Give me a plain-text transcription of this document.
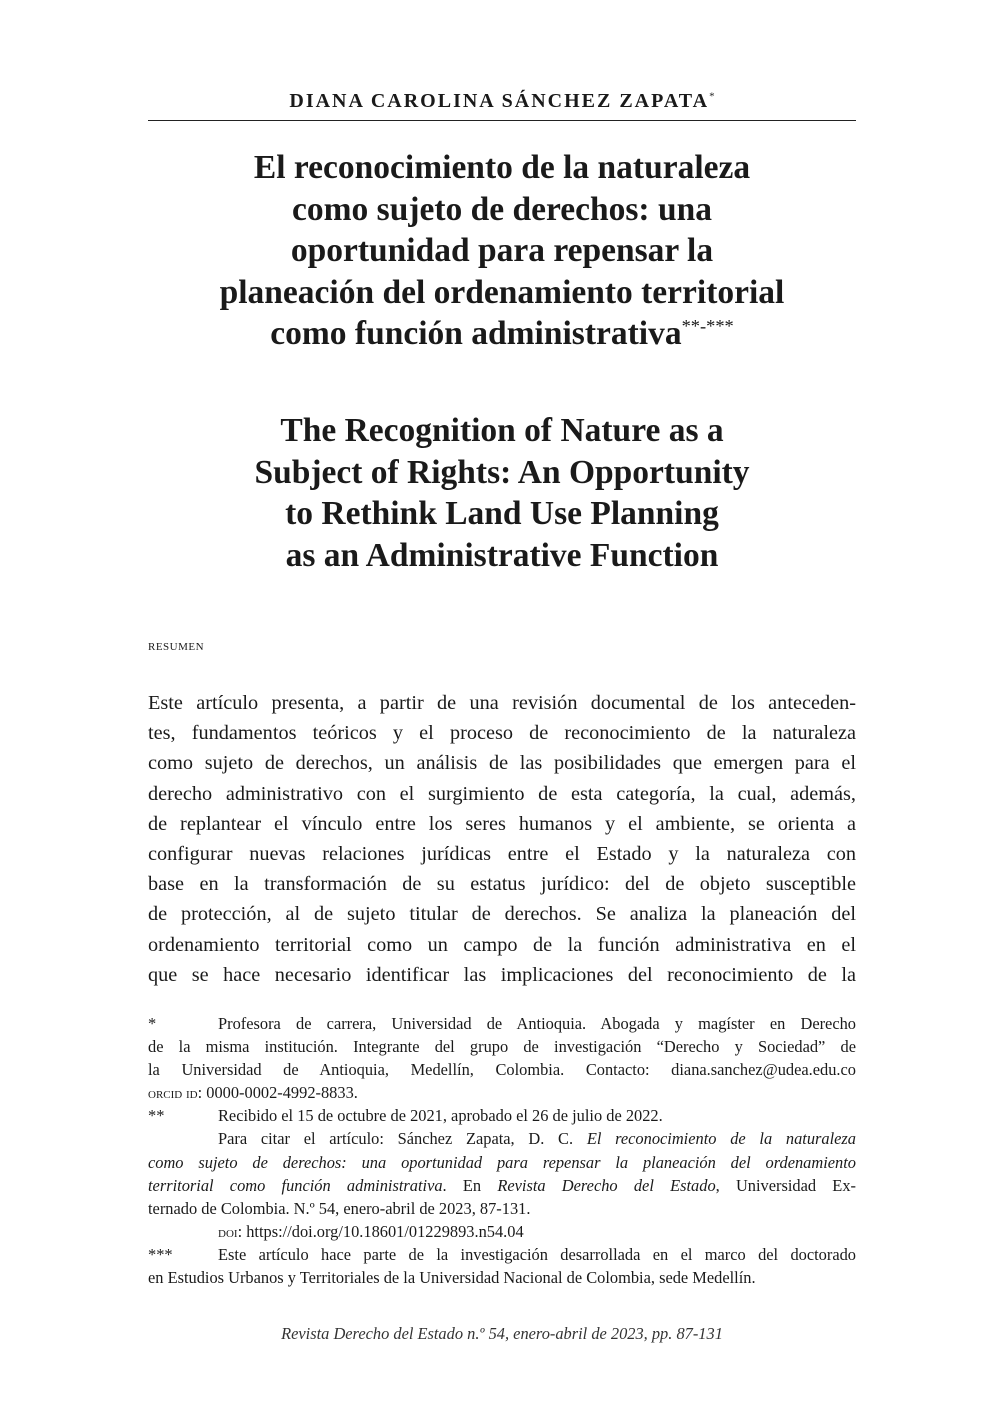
DIANA CAROLINA SÁNCHEZ ZAPATA*
El reconocimiento de la naturaleza
como sujeto de derechos: una
oportunidad para repensar la
planeación del ordenamiento territorial
como función administrativa**-***
The Recognition of Nature as a
Subject of Rights: An Opportunity
to Rethink Land Use Planning
as an Administrative Function
resumen
Este artículo presenta, a partir de una revisión documental de los anteceden-
tes, fundamentos teóricos y el proceso de reconocimiento de la naturaleza
como sujeto de derechos, un análisis de las posibilidades que emergen para el
derecho administrativo con el surgimiento de esta categoría, la cual, además,
de replantear el vínculo entre los seres humanos y el ambiente, se orienta a
configurar nuevas relaciones jurídicas entre el Estado y la naturaleza con
base en la transformación de su estatus jurídico: del de objeto susceptible
de protección, al de sujeto titular de derechos. Se analiza la planeación del
ordenamiento territorial como un campo de la función administrativa en el
que se hace necesario identificar las implicaciones del reconocimiento de la
*	Profesora de carrera, Universidad de Antioquia. Abogada y magíster en Derecho
de la misma institución. Integrante del grupo de investigación “Derecho y Sociedad” de
la Universidad de Antioquia, Medellín, Colombia. Contacto: diana.sanchez@udea.edu.co
orcid id: 0000-0002-4992-8833.
**	Recibido el 15 de octubre de 2021, aprobado el 26 de julio de 2022.
Para citar el artículo: Sánchez Zapata, D. C. El reconocimiento de la naturaleza
como sujeto de derechos: una oportunidad para repensar la planeación del ordenamiento
territorial como función administrativa. En Revista Derecho del Estado, Universidad Ex-
ternado de Colombia. N.º 54, enero-abril de 2023, 87-131.
doi: https://doi.org/10.18601/01229893.n54.04
***	Este artículo hace parte de la investigación desarrollada en el marco del doctorado
en Estudios Urbanos y Territoriales de la Universidad Nacional de Colombia, sede Medellín.
Revista Derecho del Estado n.º 54, enero-abril de 2023, pp. 87-131
